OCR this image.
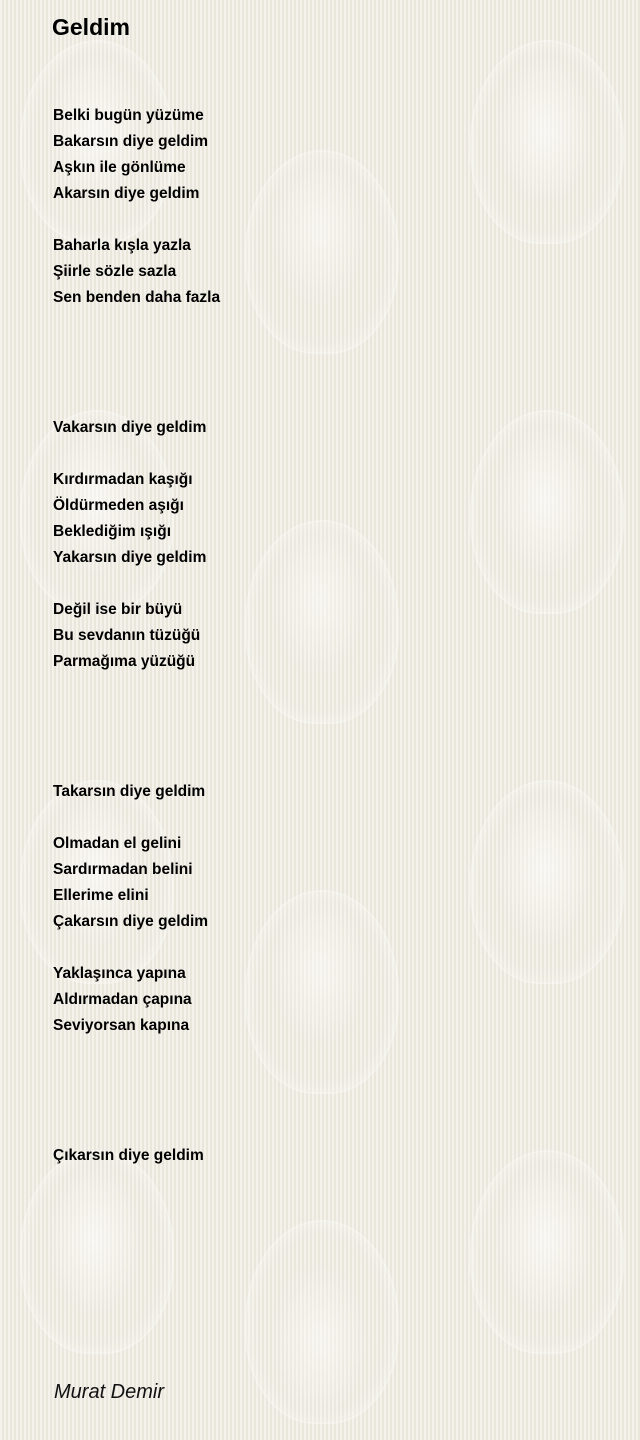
Geldim
Belki bugün yüzüme
Bakarsın diye geldim
Aşkın ile gönlüme
Akarsın diye geldim
Baharla kışla yazla
Şiirle sözle sazla
Sen benden daha fazla
Vakarsın diye geldim
Kırdırmadan kaşığı
Öldürmeden aşığı
Beklediğim ışığı
Yakarsın diye geldim
Değil ise bir büyü
Bu sevdanın tüzüğü
Parmağıma yüzüğü
Takarsın diye geldim
Olmadan el gelini
Sardırmadan belini
Ellerime elini
Çakarsın diye geldim
Yaklaşınca yapına
Aldırmadan çapına
Seviyorsan kapına
Çıkarsın diye geldim
Murat Demir
